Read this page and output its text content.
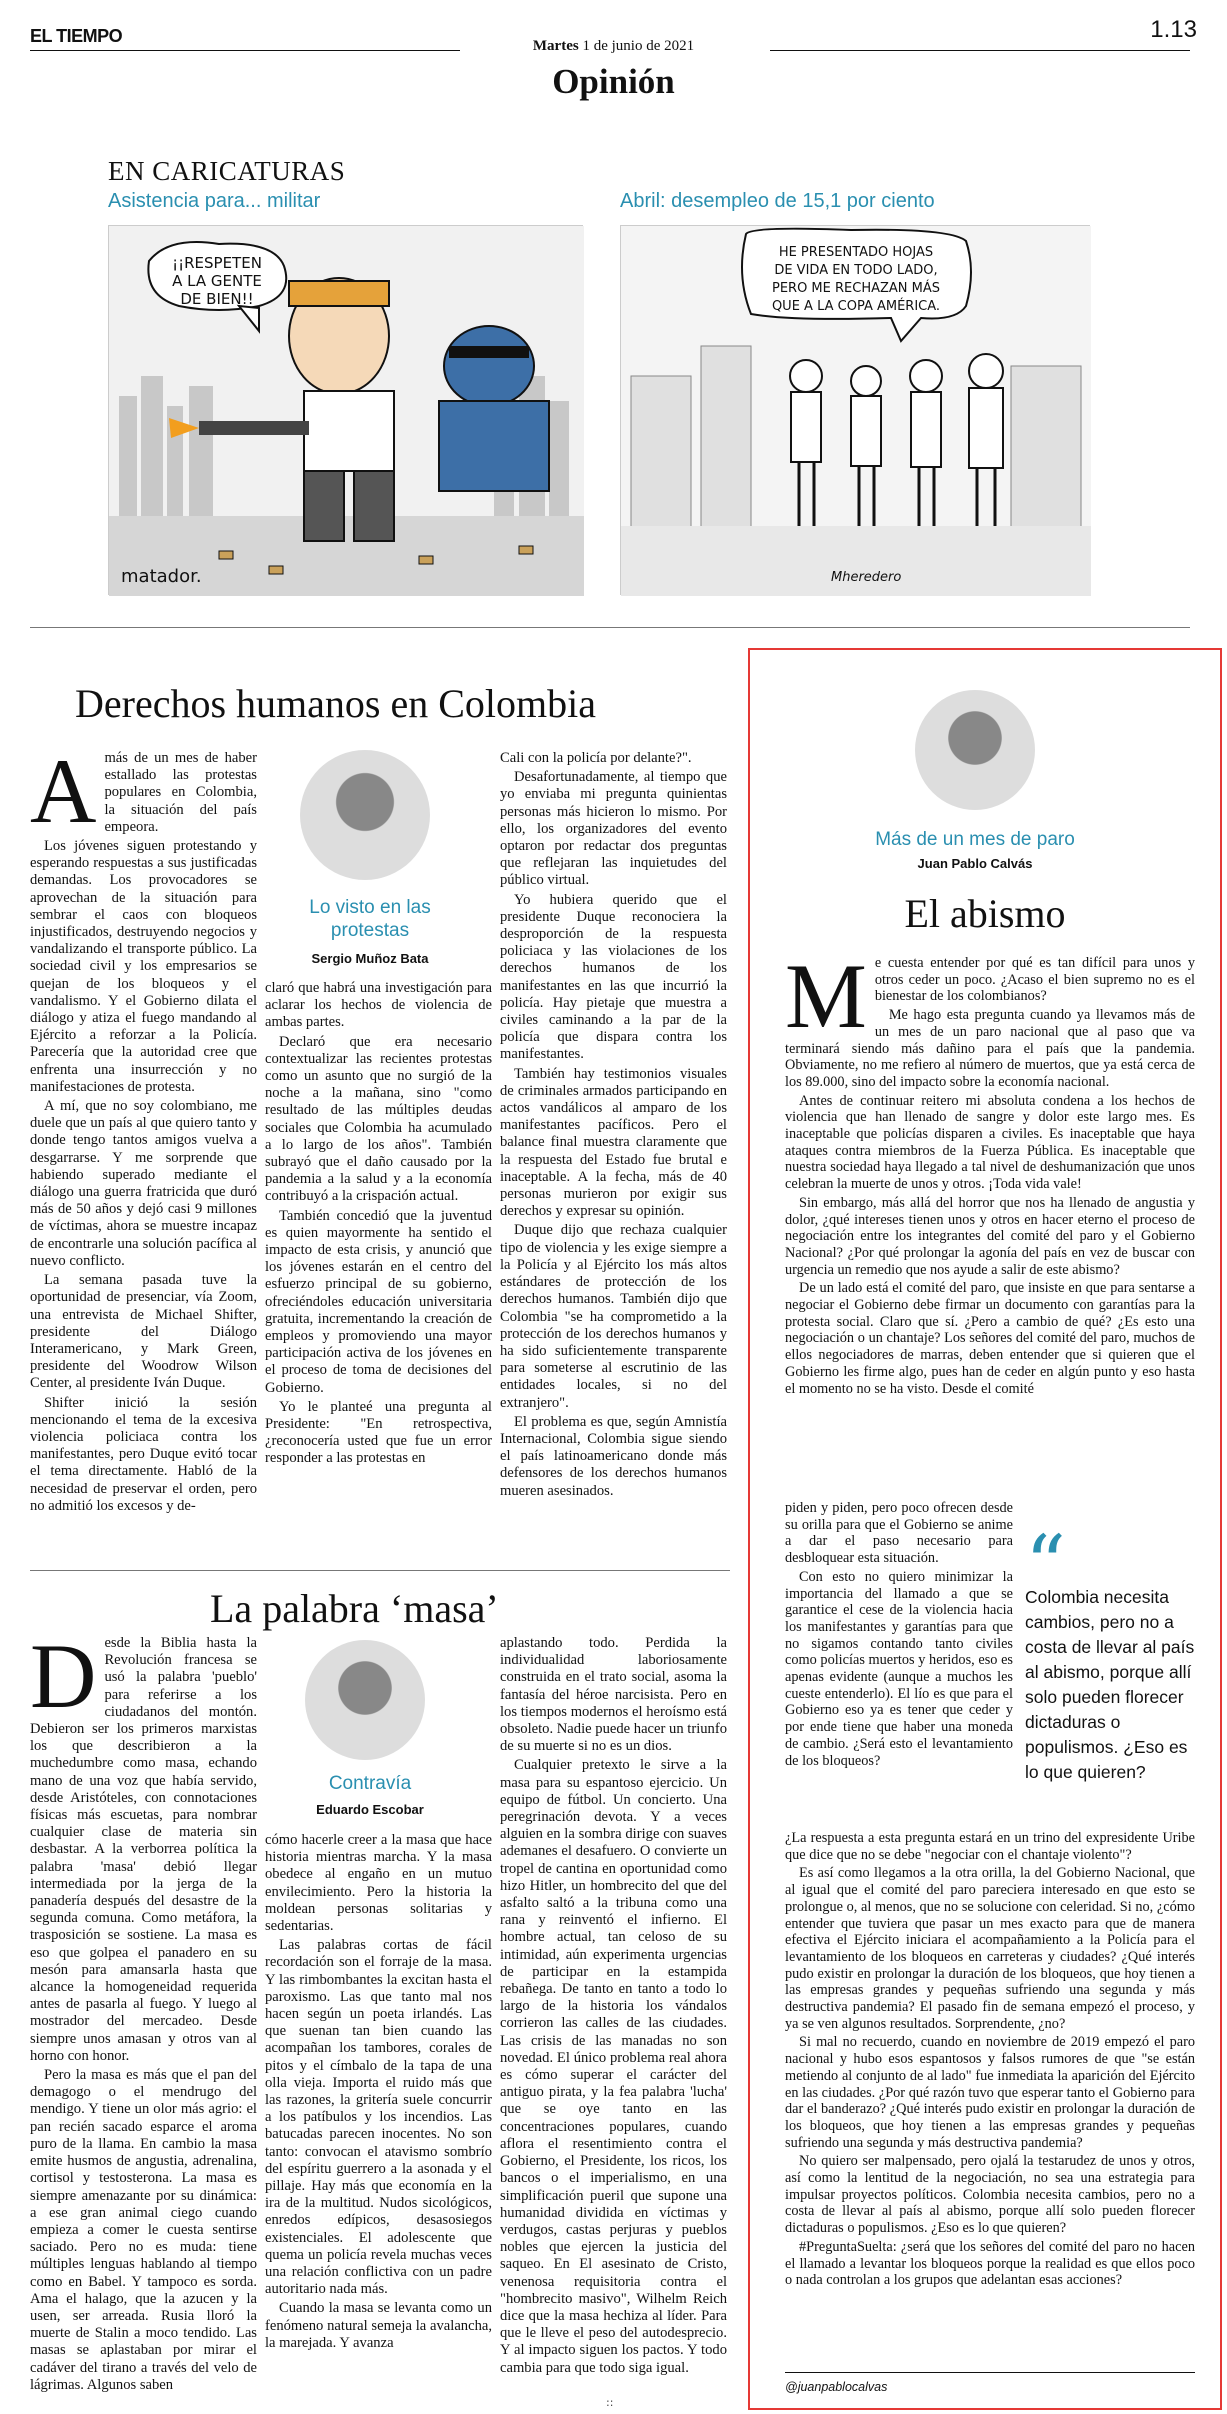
EL TIEMPO	Martes 1 de junio de 2021
1.13
Opinión
EN CARICATURAS
Asistencia para... militar	Abril: desempleo de 15,1 por ciento
¡¡RESPETEN
A LA GENTE
DE BIEN!!
matador.
HE PRESENTADO HOJAS
DE VIDA EN TODO LADO,
PERO ME RECHAZAN MÁS
QUE A LA COPA AMÉRICA.
Mheredero
Derechos humanos en Colombia
A más de un mes de haber estallado las protestas populares en Colombia, la situación del país empeora.

Los jóvenes siguen protestando y esperando respuestas a sus justificadas demandas. Los provocadores se aprovechan de la situación para sembrar el caos con bloqueos injustificados, destruyendo negocios y vandalizando el transporte público. La sociedad civil y los empresarios se quejan de los bloqueos y el vandalismo. Y el Gobierno dilata el diálogo y atiza el fuego mandando al Ejército a reforzar a la Policía. Parecería que la autoridad cree que enfrenta una insurrección y no manifestaciones de protesta.

A mí, que no soy colombiano, me duele que un país al que quiero tanto y donde tengo tantos amigos vuelva a desgarrarse. Y me sorprende que habiendo superado mediante el diálogo una guerra fratricida que duró más de 50 años y dejó casi 9 millones de víctimas, ahora se muestre incapaz de encontrarle una solución pacífica al nuevo conflicto.

La semana pasada tuve la oportunidad de presenciar, vía Zoom, una entrevista de Michael Shifter, presidente del Diálogo Interamericano, y Mark Green, presidente del Woodrow Wilson Center, al presidente Iván Duque.

Shifter inició la sesión mencionando el tema de la excesiva violencia policiaca contra los manifestantes, pero Duque evitó tocar el tema directamente. Habló de la necesidad de preservar el orden, pero no admitió los excesos y de-

Lo visto en las protestas
Sergio Muñoz Bata

claró que habrá una investigación para aclarar los hechos de violencia de ambas partes.

Declaró que era necesario contextualizar las recientes protestas como un asunto que no surgió de la noche a la mañana, sino "como resultado de las múltiples deudas sociales que Colombia ha acumulado a lo largo de los años". También subrayó que el daño causado por la pandemia a la salud y a la economía contribuyó a la crispación actual.

También concedió que la juventud es quien mayormente ha sentido el impacto de esta crisis, y anunció que los jóvenes estarán en el centro del esfuerzo principal de su gobierno, ofreciéndoles educación universitaria gratuita, incrementando la creación de empleos y promoviendo una mayor participación activa de los jóvenes en el proceso de toma de decisiones del Gobierno.

Yo le planteé una pregunta al Presidente: "En retrospectiva, ¿reconocería usted que fue un error responder a las protestas en

Cali con la policía por delante?".

Desafortunadamente, al tiempo que yo enviaba mi pregunta quinientas personas más hicieron lo mismo. Por ello, los organizadores del evento optaron por redactar dos preguntas que reflejaran las inquietudes del público virtual.

Yo hubiera querido que el presidente Duque reconociera la desproporción de la respuesta policiaca y las violaciones de los derechos humanos de los manifestantes en las que incurrió la policía. Hay pietaje que muestra a civiles caminando a la par de la policía que dispara contra los manifestantes.

También hay testimonios visuales de criminales armados participando en actos vandálicos al amparo de los manifestantes pacíficos. Pero el balance final muestra claramente que la respuesta del Estado fue brutal e inaceptable. A la fecha, más de 40 personas murieron por exigir sus derechos y expresar su opinión.

Duque dijo que rechaza cualquier tipo de violencia y les exige siempre a la Policía y al Ejército los más altos estándares de protección de los derechos humanos. También dijo que Colombia "se ha comprometido a la protección de los derechos humanos y ha sido suficientemente transparente para someterse al escrutinio de las entidades locales, si no del extranjero".

El problema es que, según Amnistía Internacional, Colombia sigue siendo el país latinoamericano donde más defensores de los derechos humanos mueren asesinados.

La palabra ‘masa’
D esde la Biblia hasta la Revolución francesa se usó la palabra 'pueblo' para referirse a los ciudadanos del montón. Debieron ser los primeros marxistas los que describieron a la muchedumbre como masa, echando mano de una voz que había servido, desde Aristóteles, con connotaciones físicas más escuetas, para nombrar cualquier clase de materia sin desbastar. A la verborrea política la palabra 'masa' debió llegar intermediada por la jerga de la panadería después del desastre de la segunda comuna. Como metáfora, la trasposición se sostiene. La masa es eso que golpea el panadero en su mesón para amansarla hasta que alcance la homogeneidad requerida antes de pasarla al fuego. Y luego al mostrador del mercadeo. Desde siempre unos amasan y otros van al horno con honor.

Pero la masa es más que el pan del demagogo o el mendrugo del mendigo. Y tiene un olor más agrio: el pan recién sacado esparce el aroma puro de la llama. En cambio la masa emite husmos de angustia, adrenalina, cortisol y testosterona. La masa es siempre amenazante por su dinámica: a ese gran animal ciego cuando empieza a comer le cuesta sentirse saciado. Pero no es muda: tiene múltiples lenguas hablando al tiempo como en Babel. Y tampoco es sorda. Ama el halago, que la azucen y la usen, ser arreada. Rusia lloró la muerte de Stalin a moco tendido. Las masas se aplastaban por mirar el cadáver del tirano a través del velo de lágrimas. Algunos saben

Contravía
Eduardo Escobar

cómo hacerle creer a la masa que hace historia mientras marcha. Y la masa obedece al engaño en un mutuo envilecimiento. Pero la historia la moldean personas solitarias y sedentarias.

Las palabras cortas de fácil recordación son el forraje de la masa. Y las rimbombantes la excitan hasta el paroxismo. Las que tanto mal nos hacen según un poeta irlandés. Las que suenan tan bien cuando las acompañan los tambores, corales de pitos y el címbalo de la tapa de una olla vieja. Importa el ruido más que las razones, la gritería suele concurrir a los patíbulos y los incendios. Las batucadas parecen inocentes. No son tanto: convocan el atavismo sombrío del espíritu guerrero a la asonada y el pillaje. Hay más que economía en la ira de la multitud. Nudos sicológicos, enredos edípicos, desasosiegos existenciales. El adolescente que quema un policía revela muchas veces una relación conflictiva con un padre autoritario nada más.

Cuando la masa se levanta como un fenómeno natural semeja la avalancha, la marejada. Y avanza

aplastando todo. Perdida la individualidad laboriosamente construida en el trato social, asoma la fantasía del héroe narcisista. Pero en los tiempos modernos el heroísmo está obsoleto. Nadie puede hacer un triunfo de su muerte si no es un dios.

Cualquier pretexto le sirve a la masa para su espantoso ejercicio. Un equipo de fútbol. Un concierto. Una peregrinación devota. Y a veces alguien en la sombra dirige con suaves ademanes el desafuero. O convierte un tropel de cantina en oportunidad como hizo Hitler, un hombrecito del que del asfalto saltó a la tribuna como una rana y reinventó el infierno. El hombre actual, tan celoso de su intimidad, aún experimenta urgencias de participar en la estampida rebañega. De tanto en tanto a todo lo largo de la historia los vándalos corrieron las calles de las ciudades. Las crisis de las manadas no son novedad. El único problema real ahora es cómo superar el carácter del antiguo pirata, y la fea palabra 'lucha' que se oye tanto en las concentraciones populares, cuando aflora el resentimiento contra el Gobierno, el Presidente, los ricos, los bancos o el imperialismo, en una simplificación pueril que supone una humanidad dividida en víctimas y verdugos, castas perjuras y pueblos nobles que ejercen la justicia del saqueo. En El asesinato de Cristo, venenosa requisitoria contra el "hombrecito masivo", Wilhelm Reich dice que la masa hechiza al líder. Para que le lleve el peso del autodesprecio. Y al impacto siguen los pactos. Y todo cambia para que todo siga igual.

Más de un mes de paro
Juan Pablo Calvás
El abismo
M e cuesta entender por qué es tan difícil para unos y otros ceder un poco. ¿Acaso el bien supremo no es el bienestar de los colombianos?

Me hago esta pregunta cuando ya llevamos más de un mes de un paro nacional que al paso que va terminará siendo más dañino para el país que la pandemia. Obviamente, no me refiero al número de muertos, que ya está cerca de los 89.000, sino del impacto sobre la economía nacional.

Antes de continuar reitero mi absoluta condena a los hechos de violencia que han llenado de sangre y dolor este largo mes. Es inaceptable que policías disparen a civiles. Es inaceptable que haya ataques contra miembros de la Fuerza Pública. Es inaceptable que nuestra sociedad haya llegado a tal nivel de deshumanización que unos celebran la muerte de unos y otros. ¡Toda vida vale!

Sin embargo, más allá del horror que nos ha llenado de angustia y dolor, ¿qué intereses tienen unos y otros en hacer eterno el proceso de negociación entre los integrantes del comité del paro y el Gobierno Nacional? ¿Por qué prolongar la agonía del país en vez de buscar con urgencia un remedio que nos ayude a salir de este abismo?

De un lado está el comité del paro, que insiste en que para sentarse a negociar el Gobierno debe firmar un documento con garantías para la protesta social. Claro que sí. ¿Pero a cambio de qué? ¿Es esto una negociación o un chantaje? Los señores del comité del paro, muchos de ellos negociadores de marras, deben entender que si quieren que el Gobierno les firme algo, pues han de ceder en algún punto y eso hasta el momento no se ha visto. Desde el comité

piden y piden, pero poco ofrecen desde su orilla para que el Gobierno se anime a dar el paso necesario para desbloquear esta situación.

Con esto no quiero minimizar la importancia del llamado a que se garantice el cese de la violencia hacia los manifestantes y garantías para que no sigamos contando tanto civiles como policías muertos y heridos, eso es apenas evidente (aunque a muchos les cueste entenderlo). El lío es que para el Gobierno eso ya es tener que ceder y por ende tiene que haber una moneda de cambio. ¿Será esto el levantamiento de los bloqueos?

“
Colombia necesita cambios, pero no a costa de llevar al país al abismo, porque allí solo pueden florecer dictaduras o populismos. ¿Eso es lo que quieren?

¿La respuesta a esta pregunta estará en un trino del expresidente Uribe que dice que no se debe "negociar con el chantaje violento"?

Es así como llegamos a la otra orilla, la del Gobierno Nacional, que al igual que el comité del paro pareciera interesado en que esto se prolongue o, al menos, que no se solucione con celeridad. Si no, ¿cómo entender que tuviera que pasar un mes exacto para que de manera efectiva el Ejército iniciara el acompañamiento a la Policía para el levantamiento de los bloqueos en carreteras y ciudades? ¿Qué interés pudo existir en prolongar la duración de los bloqueos, que hoy tienen a las empresas grandes y pequeñas sufriendo una segunda y más destructiva pandemia? El pasado fin de semana empezó el proceso, y ya se ven algunos resultados. Sorprendente, ¿no?

Si mal no recuerdo, cuando en noviembre de 2019 empezó el paro nacional y hubo esos espantosos y falsos rumores de que "se están metiendo al conjunto de al lado" fue inmediata la aparición del Ejército en las ciudades. ¿Por qué razón tuvo que esperar tanto el Gobierno para dar el banderazo? ¿Qué interés pudo existir en prolongar la duración de los bloqueos, que hoy tienen a las empresas grandes y pequeñas sufriendo una segunda y más destructiva pandemia?

No quiero ser malpensado, pero ojalá la testarudez de unos y otros, así como la lentitud de la negociación, no sea una estrategia para impulsar proyectos políticos. Colombia necesita cambios, pero no a costa de llevar al país al abismo, porque allí solo pueden florecer dictaduras o populismos. ¿Eso es lo que quieren?

#PreguntaSuelta: ¿será que los señores del comité del paro no hacen el llamado a levantar los bloqueos porque la realidad es que ellos poco o nada controlan a los grupos que adelantan esas acciones?

@juanpablocalvas
::
